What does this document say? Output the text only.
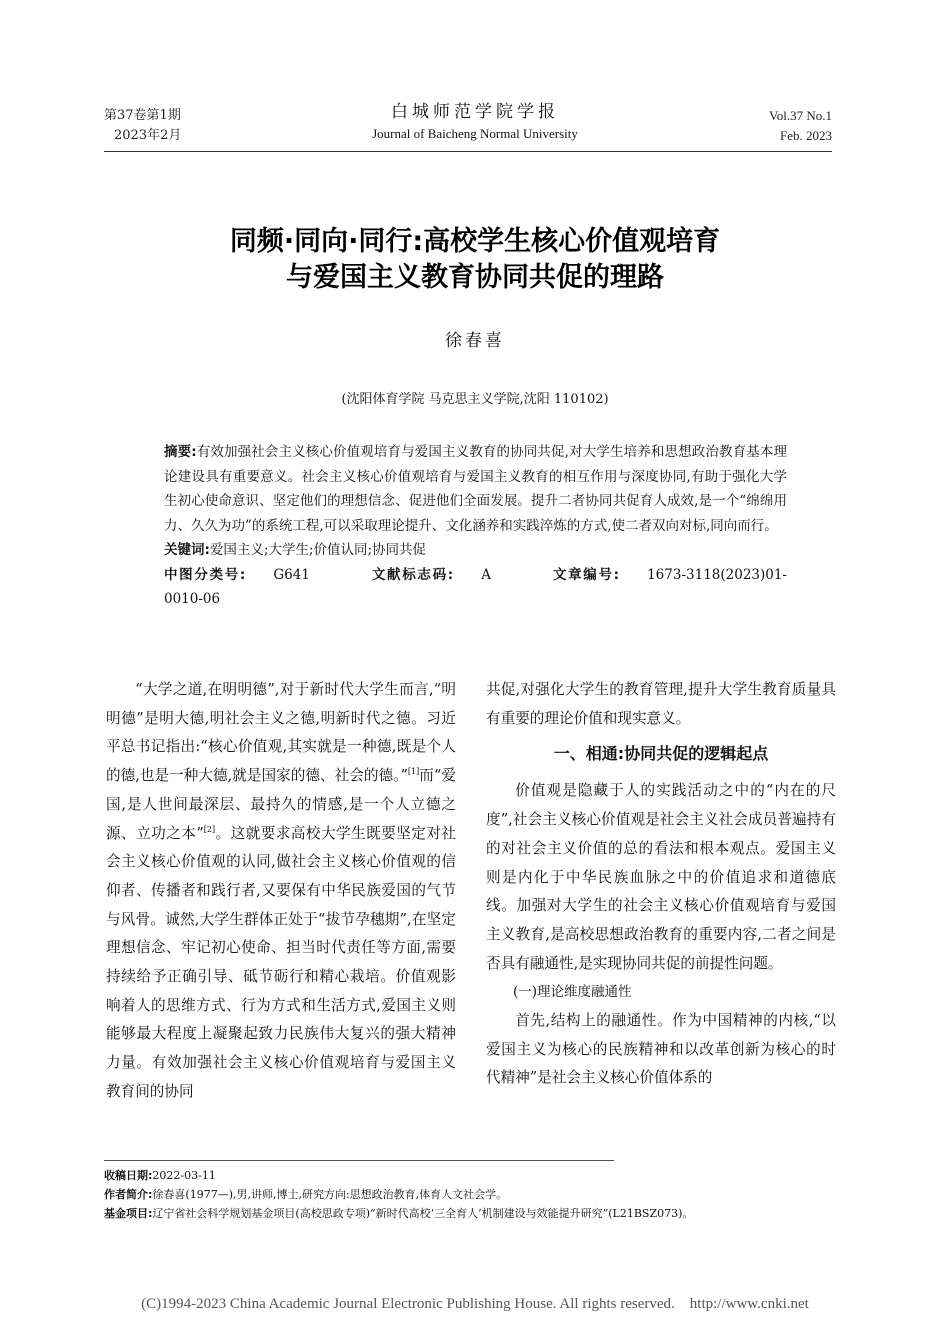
第37卷第1期
2023年2月
白城师范学院学报
Journal of Baicheng Normal University
Vol.37 No.1
Feb. 2023
同频·同向·同行:高校学生核心价值观培育
与爱国主义教育协同共促的理路
徐春喜
(沈阳体育学院 马克思主义学院,沈阳 110102)

摘要:有效加强社会主义核心价值观培育与爱国主义教育的协同共促,对大学生培养和思想政治教育基本理论建设具有重要意义。社会主义核心价值观培育与爱国主义教育的相互作用与深度协同,有助于强化大学生初心使命意识、坚定他们的理想信念、促进他们全面发展。提升二者协同共促育人成效,是一个“绵绵用力、久久为功”的系统工程,可以采取理论提升、文化涵养和实践淬炼的方式,使二者双向对标,同向而行。

关键词:爱国主义;大学生;价值认同;协同共促

中图分类号: G641	文献标志码: A	文章编号: 1673-3118(2023)01-0010-06

“大学之道,在明明德”,对于新时代大学生而言,“明明德”是明大德,明社会主义之德,明新时代之德。习近平总书记指出:“核心价值观,其实就是一种德,既是个人的德,也是一种大德,就是国家的德、社会的德。”[1]而“爱国,是人世间最深层、最持久的情感,是一个人立德之源、立功之本”[2]。这就要求高校大学生既要坚定对社会主义核心价值观的认同,做社会主义核心价值观的信仰者、传播者和践行者,又要保有中华民族爱国的气节与风骨。诚然,大学生群体正处于“拔节孕穗期”,在坚定理想信念、牢记初心使命、担当时代责任等方面,需要持续给予正确引导、砥节砺行和精心栽培。价值观影响着人的思维方式、行为方式和生活方式,爱国主义则能够最大程度上凝聚起致力民族伟大复兴的强大精神力量。有效加强社会主义核心价值观培育与爱国主义教育间的协同

共促,对强化大学生的教育管理,提升大学生教育质量具有重要的理论价值和现实意义。

一、相通:协同共促的逻辑起点

价值观是隐藏于人的实践活动之中的“内在的尺度”,社会主义核心价值观是社会主义社会成员普遍持有的对社会主义价值的总的看法和根本观点。爱国主义则是内化于中华民族血脉之中的价值追求和道德底线。加强对大学生的社会主义核心价值观培育与爱国主义教育,是高校思想政治教育的重要内容,二者之间是否具有融通性,是实现协同共促的前提性问题。

(一)理论维度融通性

首先,结构上的融通性。作为中国精神的内核,“以爱国主义为核心的民族精神和以改革创新为核心的时代精神”是社会主义核心价值体系的

收稿日期:2022-03-11

作者简介:徐春喜(1977—),男,讲师,博士,研究方向:思想政治教育,体育人文社会学。

基金项目:辽宁省社会科学规划基金项目(高校思政专项)“新时代高校‘三全育人’机制建设与效能提升研究”(L21BSZ073)。

(C)1994-2023 China Academic Journal Electronic Publishing House. All rights reserved.    http://www.cnki.net
